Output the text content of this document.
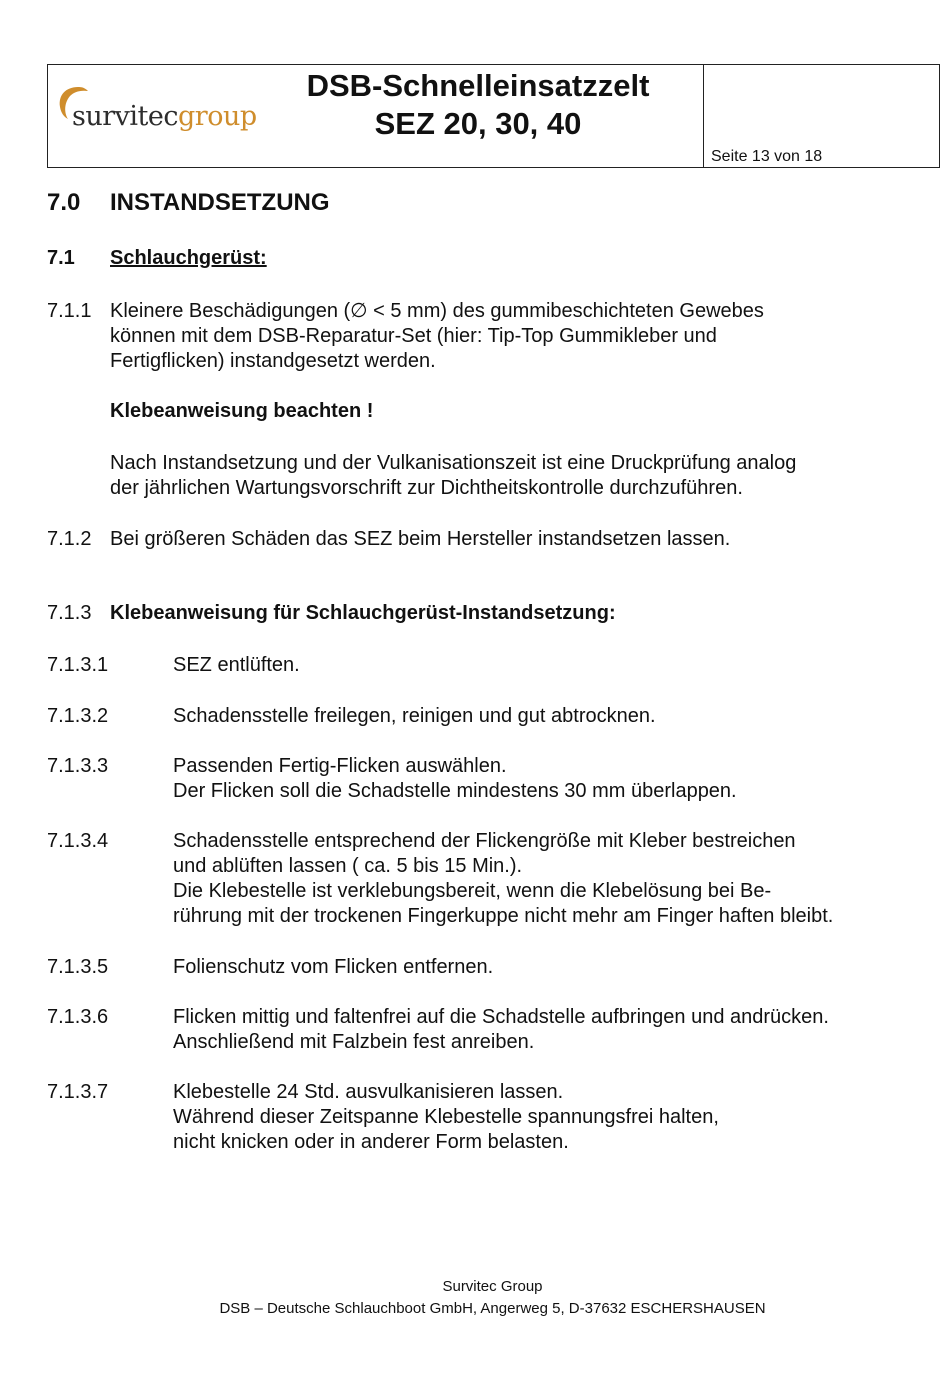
survitecgroup
DSB-Schnelleinsatzzelt
SEZ 20, 30, 40
Seite 13 von 18
7.0 INSTANDSETZUNG
7.1 Schlauchgerüst:
7.1.1 Kleinere Beschädigungen (∅ < 5 mm) des gummibeschichteten Gewebes
können mit dem DSB-Reparatur-Set (hier: Tip-Top Gummikleber und
Fertigflicken) instandgesetzt werden.
Klebeanweisung beachten !
Nach Instandsetzung und der Vulkanisationszeit ist eine Druckprüfung analog
der jährlichen Wartungsvorschrift zur Dichtheitskontrolle durchzuführen.
7.1.2 Bei größeren Schäden das SEZ beim Hersteller instandsetzen lassen.
7.1.3 Klebeanweisung für Schlauchgerüst-Instandsetzung:
7.1.3.1	SEZ entlüften.
7.1.3.2	Schadensstelle freilegen, reinigen und gut abtrocknen.
7.1.3.3	Passenden Fertig-Flicken auswählen.
Der Flicken soll die Schadstelle mindestens 30 mm überlappen.
7.1.3.4	Schadensstelle entsprechend der Flickengröße mit Kleber bestreichen
und ablüften lassen ( ca. 5 bis 15 Min.).
Die Klebestelle ist verklebungsbereit, wenn die Klebelösung bei Be-
rührung mit der trockenen Fingerkuppe nicht mehr am Finger haften bleibt.
7.1.3.5	Folienschutz vom Flicken entfernen.
7.1.3.6	Flicken mittig und faltenfrei auf die Schadstelle aufbringen und andrücken.
Anschließend mit Falzbein fest anreiben.
7.1.3.7	Klebestelle 24 Std. ausvulkanisieren lassen.
Während dieser Zeitspanne Klebestelle spannungsfrei halten,
nicht knicken oder in anderer Form belasten.
Survitec Group
DSB – Deutsche Schlauchboot GmbH, Angerweg 5, D-37632 ESCHERSHAUSEN
